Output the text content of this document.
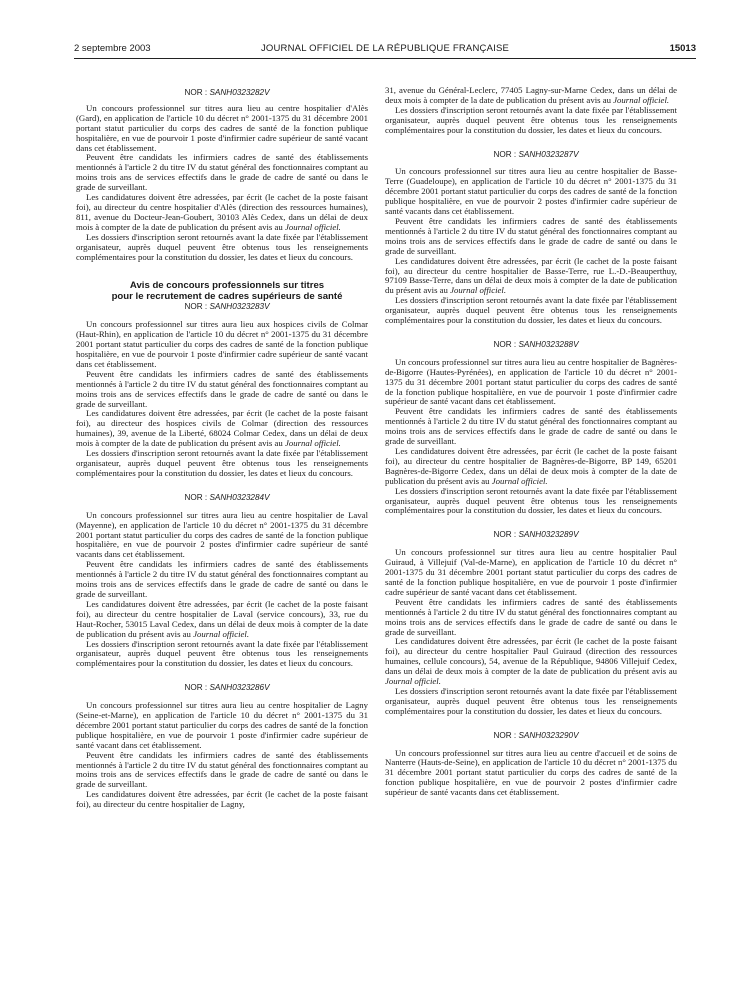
2 septembre 2003	JOURNAL OFFICIEL DE LA RÉPUBLIQUE FRANÇAISE	15013

NOR : SANH0323282V

Un concours professionnel sur titres aura lieu au centre hospitalier d'Alès (Gard), en application de l'article 10 du décret n° 2001-1375 du 31 décembre 2001 portant statut particulier du corps des cadres de santé de la fonction publique hospitalière, en vue de pourvoir 1 poste d'infirmier cadre supérieur de santé vacant dans cet établissement.

Peuvent être candidats les infirmiers cadres de santé des établissements mentionnés à l'article 2 du titre IV du statut général des fonctionnaires comptant au moins trois ans de services effectifs dans le grade de cadre de santé ou dans le grade de surveillant.

Les candidatures doivent être adressées, par écrit (le cachet de la poste faisant foi), au directeur du centre hospitalier d'Alès (direction des ressources humaines), 811, avenue du Docteur-Jean-Goubert, 30103 Alès Cedex, dans un délai de deux mois à compter de la date de publication du présent avis au Journal officiel.

Les dossiers d'inscription seront retournés avant la date fixée par l'établissement organisateur, auprès duquel peuvent être obtenus tous les renseignements complémentaires pour la constitution du dossier, les dates et lieux du concours.

Avis de concours professionnels sur titres

pour le recrutement de cadres supérieurs de santé

NOR : SANH0323283V

Un concours professionnel sur titres aura lieu aux hospices civils de Colmar (Haut-Rhin), en application de l'article 10 du décret n° 2001-1375 du 31 décembre 2001 portant statut particulier du corps des cadres de santé de la fonction publique hospitalière, en vue de pourvoir 1 poste d'infirmier cadre supérieur de santé vacant dans cet établissement.

Peuvent être candidats les infirmiers cadres de santé des établissements mentionnés à l'article 2 du titre IV du statut général des fonctionnaires comptant au moins trois ans de services effectifs dans le grade de cadre de santé ou dans le grade de surveillant.

Les candidatures doivent être adressées, par écrit (le cachet de la poste faisant foi), au directeur des hospices civils de Colmar (direction des ressources humaines), 39, avenue de la Liberté, 68024 Colmar Cedex, dans un délai de deux mois à compter de la date de publication du présent avis au Journal officiel.

Les dossiers d'inscription seront retournés avant la date fixée par l'établissement organisateur, auprès duquel peuvent être obtenus tous les renseignements complémentaires pour la constitution du dossier, les dates et lieux du concours.

NOR : SANH0323284V

Un concours professionnel sur titres aura lieu au centre hospitalier de Laval (Mayenne), en application de l'article 10 du décret n° 2001-1375 du 31 décembre 2001 portant statut particulier du corps des cadres de santé de la fonction publique hospitalière, en vue de pourvoir 2 postes d'infirmier cadre supérieur de santé vacants dans cet établissement.

Peuvent être candidats les infirmiers cadres de santé des établissements mentionnés à l'article 2 du titre IV du statut général des fonctionnaires comptant au moins trois ans de services effectifs dans le grade de cadre de santé ou dans le grade de surveillant.

Les candidatures doivent être adressées, par écrit (le cachet de la poste faisant foi), au directeur du centre hospitalier de Laval (service concours), 33, rue du Haut-Rocher, 53015 Laval Cedex, dans un délai de deux mois à compter de la date de publication du présent avis au Journal officiel.

Les dossiers d'inscription seront retournés avant la date fixée par l'établissement organisateur, auprès duquel peuvent être obtenus tous les renseignements complémentaires pour la constitution du dossier, les dates et lieux du concours.

NOR : SANH0323286V

Un concours professionnel sur titres aura lieu au centre hospitalier de Lagny (Seine-et-Marne), en application de l'article 10 du décret n° 2001-1375 du 31 décembre 2001 portant statut particulier du corps des cadres de santé de la fonction publique hospitalière, en vue de pourvoir 1 poste d'infirmier cadre supérieur de santé vacant dans cet établissement.

Peuvent être candidats les infirmiers cadres de santé des établissements mentionnés à l'article 2 du titre IV du statut général des fonctionnaires comptant au moins trois ans de services effectifs dans le grade de cadre de santé ou dans le grade de surveillant.

Les candidatures doivent être adressées, par écrit (le cachet de la poste faisant foi), au directeur du centre hospitalier de Lagny,

31, avenue du Général-Leclerc, 77405 Lagny-sur-Marne Cedex, dans un délai de deux mois à compter de la date de publication du présent avis au Journal officiel.

Les dossiers d'inscription seront retournés avant la date fixée par l'établissement organisateur, auprès duquel peuvent être obtenus tous les renseignements complémentaires pour la constitution du dossier, les dates et lieux du concours.

NOR : SANH0323287V

Un concours professionnel sur titres aura lieu au centre hospitalier de Basse-Terre (Guadeloupe), en application de l'article 10 du décret n° 2001-1375 du 31 décembre 2001 portant statut particulier du corps des cadres de santé de la fonction publique hospitalière, en vue de pourvoir 2 postes d'infirmier cadre supérieur de santé vacants dans cet établissement.

Peuvent être candidats les infirmiers cadres de santé des établissements mentionnés à l'article 2 du titre IV du statut général des fonctionnaires comptant au moins trois ans de services effectifs dans le grade de cadre de santé ou dans le grade de surveillant.

Les candidatures doivent être adressées, par écrit (le cachet de la poste faisant foi), au directeur du centre hospitalier de Basse-Terre, rue L.-D.-Beauperthuy, 97109 Basse-Terre, dans un délai de deux mois à compter de la date de publication du présent avis au Journal officiel.

Les dossiers d'inscription seront retournés avant la date fixée par l'établissement organisateur, auprès duquel peuvent être obtenus tous les renseignements complémentaires pour la constitution du dossier, les dates et lieux du concours.

NOR : SANH0323288V

Un concours professionnel sur titres aura lieu au centre hospitalier de Bagnères-de-Bigorre (Hautes-Pyrénées), en application de l'article 10 du décret n° 2001-1375 du 31 décembre 2001 portant statut particulier du corps des cadres de santé de la fonction publique hospitalière, en vue de pourvoir 1 poste d'infirmier cadre supérieur de santé vacant dans cet établissement.

Peuvent être candidats les infirmiers cadres de santé des établissements mentionnés à l'article 2 du titre IV du statut général des fonctionnaires comptant au moins trois ans de services effectifs dans le grade de cadre de santé ou dans le grade de surveillant.

Les candidatures doivent être adressées, par écrit (le cachet de la poste faisant foi), au directeur du centre hospitalier de Bagnères-de-Bigorre, BP 149, 65201 Bagnères-de-Bigorre Cedex, dans un délai de deux mois à compter de la date de publication du présent avis au Journal officiel.

Les dossiers d'inscription seront retournés avant la date fixée par l'établissement organisateur, auprès duquel peuvent être obtenus tous les renseignements complémentaires pour la constitution du dossier, les dates et lieux du concours.

NOR : SANH0323289V

Un concours professionnel sur titres aura lieu au centre hospitalier Paul Guiraud, à Villejuif (Val-de-Marne), en application de l'article 10 du décret n° 2001-1375 du 31 décembre 2001 portant statut particulier du corps des cadres de santé de la fonction publique hospitalière, en vue de pourvoir 1 poste d'infirmier cadre supérieur de santé vacant dans cet établissement.

Peuvent être candidats les infirmiers cadres de santé des établissements mentionnés à l'article 2 du titre IV du statut général des fonctionnaires comptant au moins trois ans de services effectifs dans le grade de cadre de santé ou dans le grade de surveillant.

Les candidatures doivent être adressées, par écrit (le cachet de la poste faisant foi), au directeur du centre hospitalier Paul Guiraud (direction des ressources humaines, cellule concours), 54, avenue de la République, 94806 Villejuif Cedex, dans un délai de deux mois à compter de la date de publication du présent avis au Journal officiel.

Les dossiers d'inscription seront retournés avant la date fixée par l'établissement organisateur, auprès duquel peuvent être obtenus tous les renseignements complémentaires pour la constitution du dossier, les dates et lieux du concours.

NOR : SANH0323290V

Un concours professionnel sur titres aura lieu au centre d'accueil et de soins de Nanterre (Hauts-de-Seine), en application de l'article 10 du décret n° 2001-1375 du 31 décembre 2001 portant statut particulier du corps des cadres de santé de la fonction publique hospitalière, en vue de pourvoir 2 postes d'infirmier cadre supérieur de santé vacants dans cet établissement.
